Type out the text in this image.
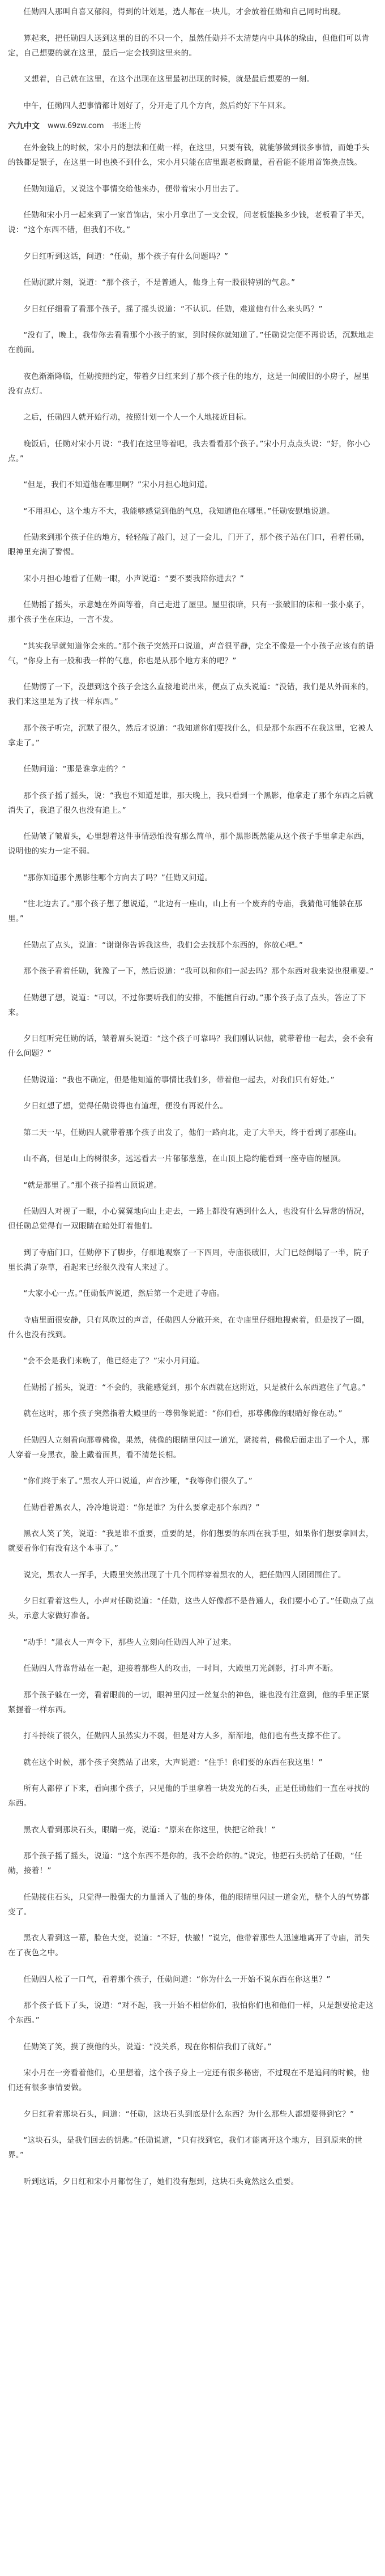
任勋四人那叫自喜又郁闷，得到的计划是，选人都在一块儿，才会放着任勋和自己同时出现。
算起来，把任勋四人送到这里的目的不只一个，虽然任勋并不太清楚内中具体的缘由，但他们可以肯定，自己想要的就在这里，最后一定会找到这里来的。
又想着，自己就在这里，在这个出现在这里最初出现的时候，就是最后想要的一刻。
中午，任勋四人把事情都计划好了，分开走了几个方向，然后约好下午回来。
六九中文 www.69zw.com 书迷上传
在外金钱上的时候，宋小月的想法和任勋一样，在这里，只要有钱，就能够做到很多事情，而她手头的钱都是银子，在这里一时也换不到什么，宋小月只能在店里跟老板商量，看看能不能用首饰换点钱。
任勋知道后，又说这个事情交给他来办，便带着宋小月出去了。
任勋和宋小月一起来到了一家首饰店，宋小月拿出了一支金钗，问老板能换多少钱，老板看了半天，说：“这个东西不错，但我们不收。”
夕日红听到这话，问道：“任勋，那个孩子有什么问题吗？”
任勋沉默片刻，说道：“那个孩子，不是普通人，他身上有一股很特别的气息。”
夕日红仔细看了看那个孩子，摇了摇头说道：“不认识。任勋，难道他有什么来头吗？”
“没有了，晚上，我带你去看看那个小孩子的家，到时候你就知道了。”任勋说完便不再说话，沉默地走在前面。
夜色渐渐降临，任勋按照约定，带着夕日红来到了那个孩子住的地方，这是一间破旧的小房子，屋里没有点灯。
之后，任勋四人就开始行动，按照计划一个人一个人地接近目标。
晚饭后，任勋对宋小月说：“我们在这里等着吧，我去看看那个孩子。”宋小月点点头说：“好，你小心点。”
“但是，我们不知道他在哪里啊？”宋小月担心地问道。
“不用担心，这个地方不大，我能够感觉到他的气息，我知道他在哪里。”任勋安慰地说道。
任勋来到那个孩子住的地方，轻轻敲了敲门，过了一会儿，门开了，那个孩子站在门口，看着任勋，眼神里充满了警惕。
宋小月担心地看了任勋一眼，小声说道：“要不要我陪你进去？”
任勋摇了摇头，示意她在外面等着，自己走进了屋里。屋里很暗，只有一张破旧的床和一张小桌子，那个孩子坐在床边，一言不发。
“其实我早就知道你会来的。”那个孩子突然开口说道，声音很平静，完全不像是一个小孩子应该有的语气，“你身上有一股和我一样的气息，你也是从那个地方来的吧？”
任勋愣了一下，没想到这个孩子会这么直接地说出来，便点了点头说道：“没错，我们是从外面来的，我们来这里是为了找一样东西。”
那个孩子听完，沉默了很久，然后才说道：“我知道你们要找什么，但是那个东西不在我这里，它被人拿走了。”
任勋问道：“那是谁拿走的？”
那个孩子摇了摇头，说：“我也不知道是谁，那天晚上，我只看到一个黑影，他拿走了那个东西之后就消失了，我追了很久也没有追上。”
任勋皱了皱眉头，心里想着这件事情恐怕没有那么简单，那个黑影既然能从这个孩子手里拿走东西，说明他的实力一定不弱。
“那你知道那个黑影往哪个方向去了吗？”任勋又问道。
“往北边去了。”那个孩子想了想说道，“北边有一座山，山上有一个废弃的寺庙，我猜他可能躲在那里。”
任勋点了点头，说道：“谢谢你告诉我这些，我们会去找那个东西的，你放心吧。”
那个孩子看着任勋，犹豫了一下，然后说道：“我可以和你们一起去吗？那个东西对我来说也很重要。”
任勋想了想，说道：“可以，不过你要听我们的安排，不能擅自行动。”那个孩子点了点头，答应了下来。
夕日红听完任勋的话，皱着眉头说道：“这个孩子可靠吗？我们刚认识他，就带着他一起去，会不会有什么问题？”
任勋说道：“我也不确定，但是他知道的事情比我们多，带着他一起去，对我们只有好处。”
夕日红想了想，觉得任勋说得也有道理，便没有再说什么。
第二天一早，任勋四人就带着那个孩子出发了，他们一路向北，走了大半天，终于看到了那座山。
山不高，但是山上的树很多，远远看去一片郁郁葱葱，在山顶上隐约能看到一座寺庙的屋顶。
“就是那里了。”那个孩子指着山顶说道。
任勋四人对视了一眼，小心翼翼地向山上走去，一路上都没有遇到什么人，也没有什么异常的情况，但任勋总觉得有一双眼睛在暗处盯着他们。
到了寺庙门口，任勋停下了脚步，仔细地观察了一下四周，寺庙很破旧，大门已经倒塌了一半，院子里长满了杂草，看起来已经很久没有人来过了。
“大家小心一点。”任勋低声说道，然后第一个走进了寺庙。
寺庙里面很安静，只有风吹过的声音，任勋四人分散开来，在寺庙里仔细地搜索着，但是找了一圈，什么也没有找到。
“会不会是我们来晚了，他已经走了？”宋小月问道。
任勋摇了摇头，说道：“不会的，我能感觉到，那个东西就在这附近，只是被什么东西遮住了气息。”
就在这时，那个孩子突然指着大殿里的一尊佛像说道：“你们看，那尊佛像的眼睛好像在动。”
任勋四人立刻看向那尊佛像，果然，佛像的眼睛里闪过一道光，紧接着，佛像后面走出了一个人，那人穿着一身黑衣，脸上戴着面具，看不清楚长相。
“你们终于来了。”黑衣人开口说道，声音沙哑，“我等你们很久了。”
任勋看着黑衣人，冷冷地说道：“你是谁？为什么要拿走那个东西？”
黑衣人笑了笑，说道：“我是谁不重要，重要的是，你们想要的东西在我手里，如果你们想要拿回去，就要看你们有没有这个本事了。”
说完，黑衣人一挥手，大殿里突然出现了十几个同样穿着黑衣的人，把任勋四人团团围住了。
夕日红看着这些人，小声对任勋说道：“任勋，这些人好像都不是普通人，我们要小心了。”任勋点了点头，示意大家做好准备。
“动手！”黑衣人一声令下，那些人立刻向任勋四人冲了过来。
任勋四人背靠背站在一起，迎接着那些人的攻击，一时间，大殿里刀光剑影，打斗声不断。
那个孩子躲在一旁，看着眼前的一切，眼神里闪过一丝复杂的神色，谁也没有注意到，他的手里正紧紧握着一样东西。
打斗持续了很久，任勋四人虽然实力不弱，但是对方人多，渐渐地，他们也有些支撑不住了。
就在这个时候，那个孩子突然站了出来，大声说道：“住手！你们要的东西在我这里！”
所有人都停了下来，看向那个孩子，只见他的手里拿着一块发光的石头，正是任勋他们一直在寻找的东西。
黑衣人看到那块石头，眼睛一亮，说道：“原来在你这里，快把它给我！”
那个孩子摇了摇头，说道：“这个东西不是你的，我不会给你的。”说完，他把石头扔给了任勋，“任勋，接着！”
任勋接住石头，只觉得一股强大的力量涌入了他的身体，他的眼睛里闪过一道金光，整个人的气势都变了。
黑衣人看到这一幕，脸色大变，说道：“不好，快撤！”说完，他带着那些人迅速地离开了寺庙，消失在了夜色之中。
任勋四人松了一口气，看着那个孩子，任勋问道：“你为什么一开始不说东西在你这里？”
那个孩子低下了头，说道：“对不起，我一开始不相信你们，我怕你们也和他们一样，只是想要抢走这个东西。”
任勋笑了笑，摸了摸他的头，说道：“没关系，现在你相信我们了就好。”
宋小月在一旁看着他们，心里想着，这个孩子身上一定还有很多秘密，不过现在不是追问的时候，他们还有很多事情要做。
夕日红看着那块石头，问道：“任勋，这块石头到底是什么东西？为什么那些人都想要得到它？”
“这块石头，是我们回去的钥匙。”任勋说道，“只有找到它，我们才能离开这个地方，回到原来的世界。”
听到这话，夕日红和宋小月都愣住了，她们没有想到，这块石头竟然这么重要。
